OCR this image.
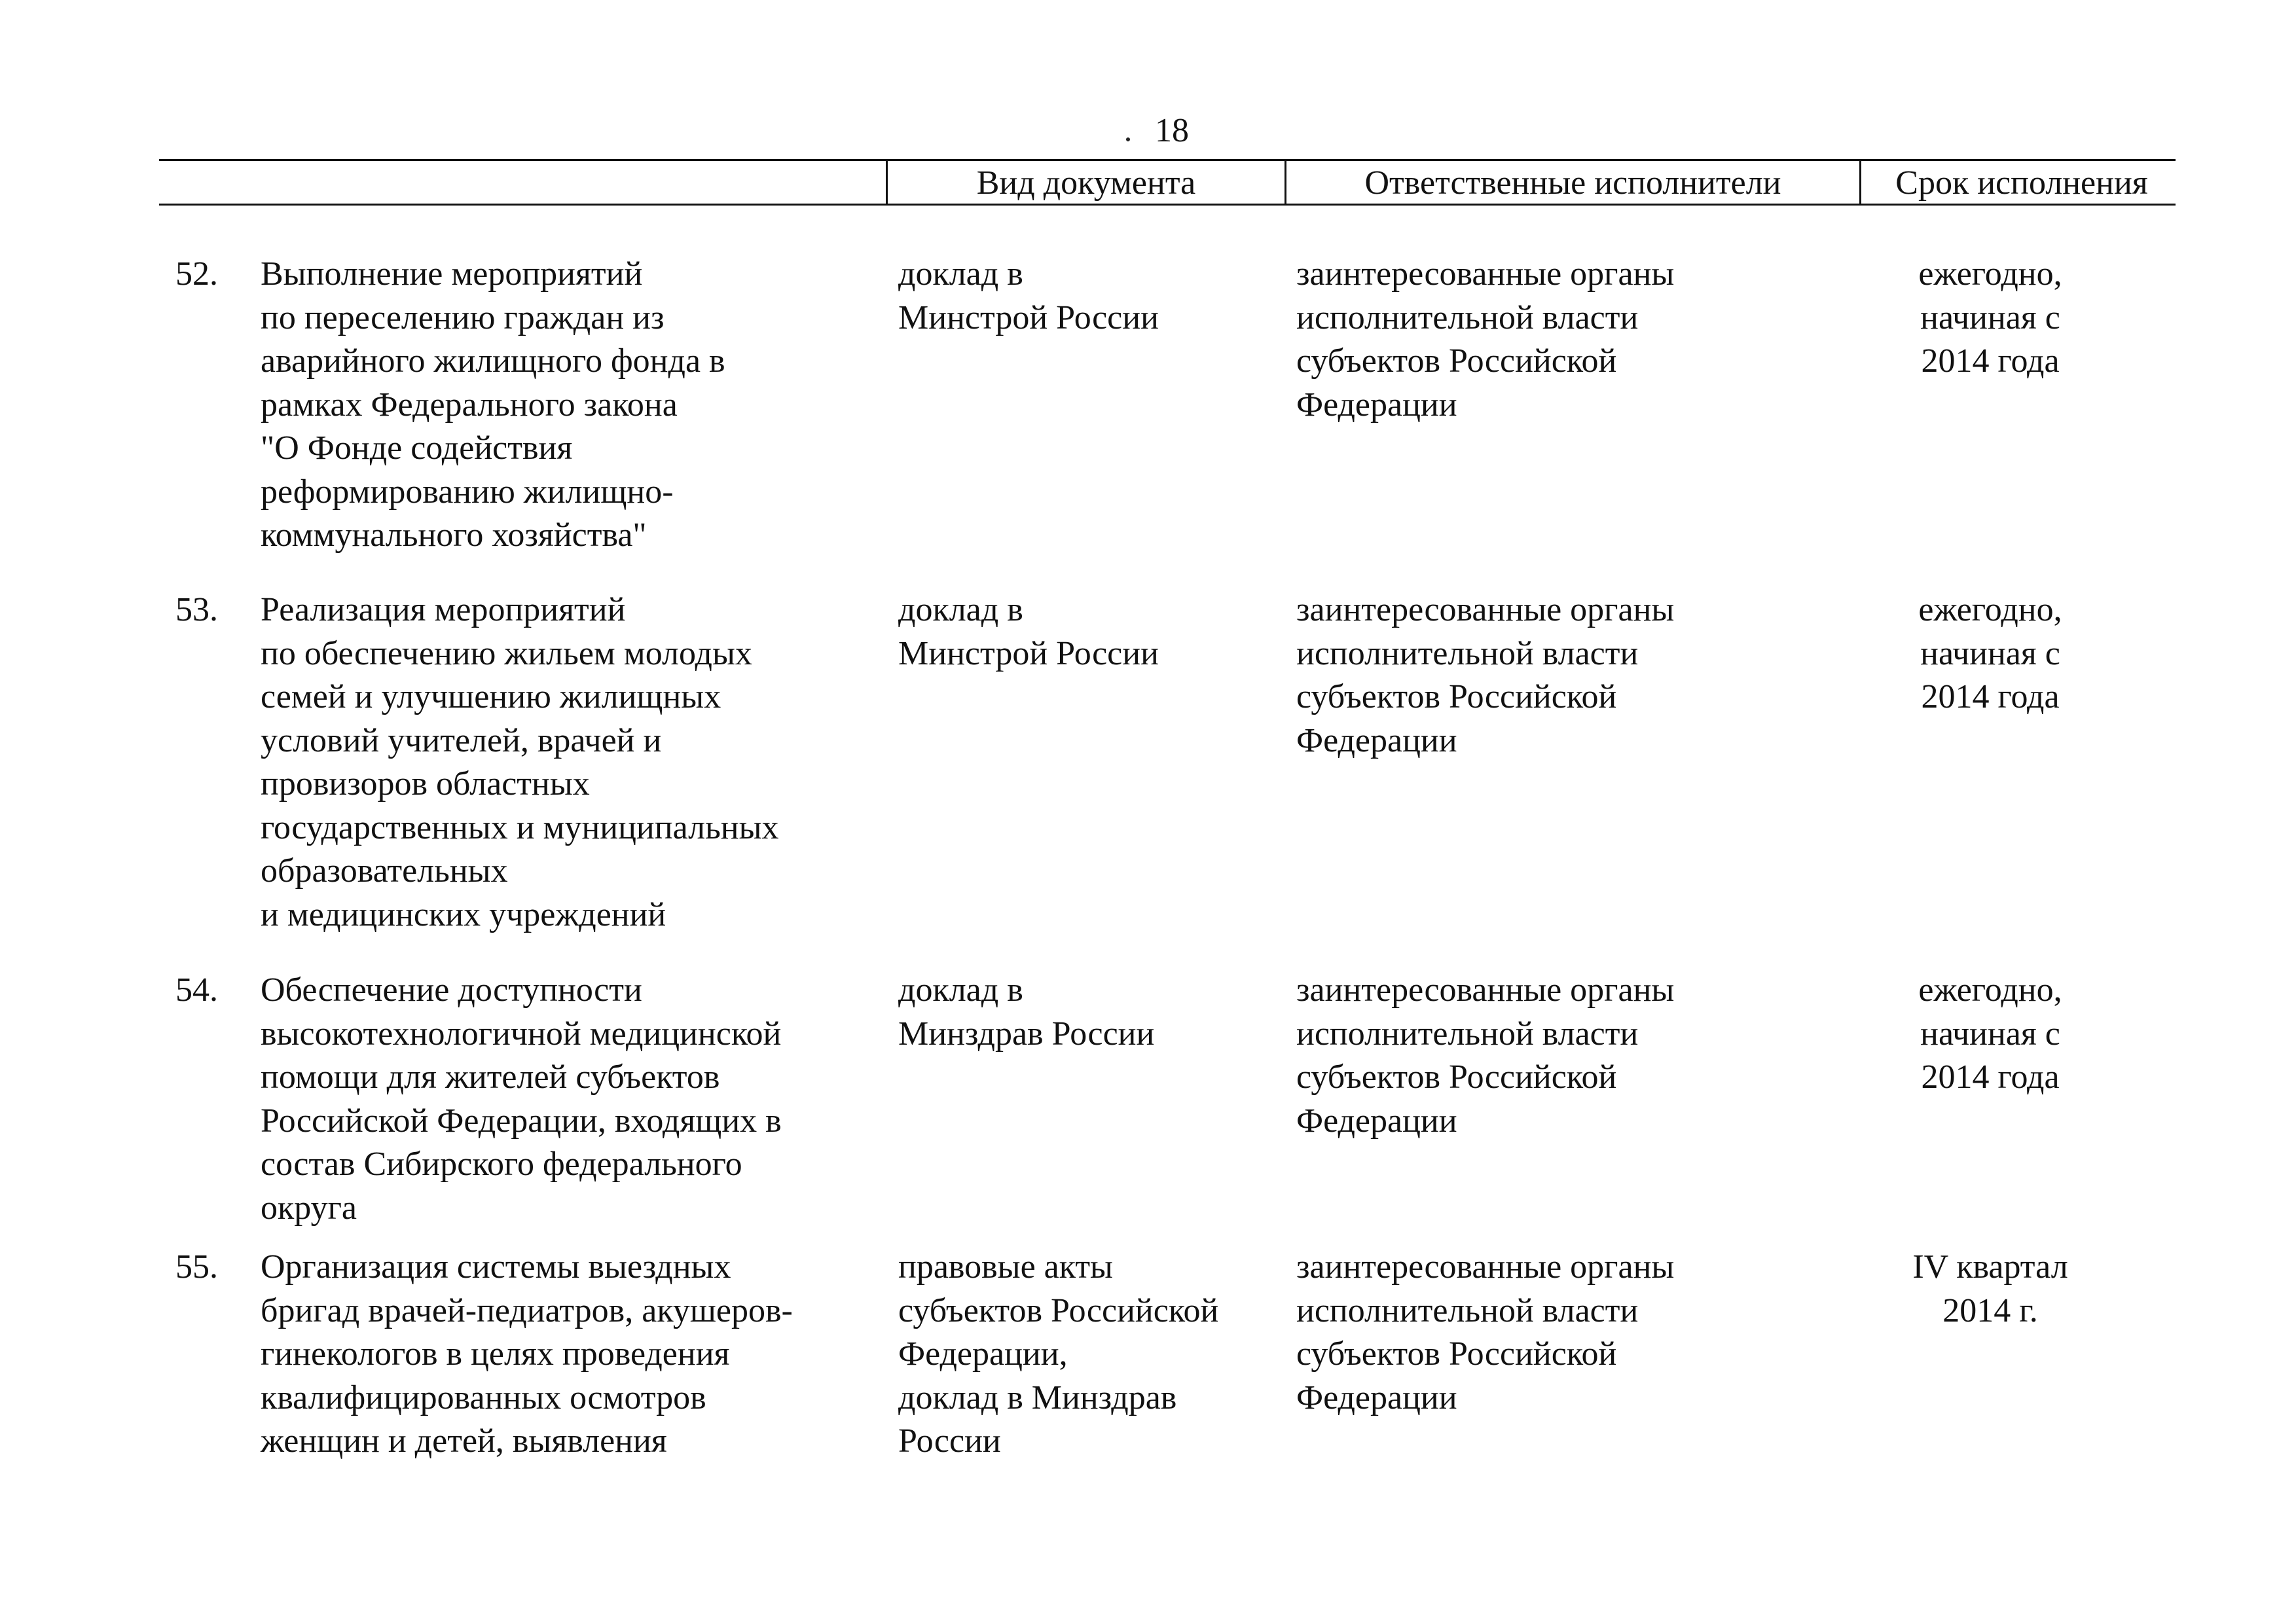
18
Вид документа	Ответственные исполнители	Срок исполнения
52. Выполнение мероприятий
по переселению граждан из
аварийного жилищного фонда в
рамках Федерального закона
"О Фонде содействия
реформированию жилищно-
коммунального хозяйства"
доклад в
Минстрой России
заинтересованные органы
исполнительной власти
субъектов Российской
Федерации
ежегодно,
начиная с
2014 года
53. Реализация мероприятий
по обеспечению жильем молодых
семей и улучшению жилищных
условий учителей, врачей и
провизоров областных
государственных и муниципальных
образовательных
и медицинских учреждений
доклад в
Минстрой России
заинтересованные органы
исполнительной власти
субъектов Российской
Федерации
ежегодно,
начиная с
2014 года
54. Обеспечение доступности
высокотехнологичной медицинской
помощи для жителей субъектов
Российской Федерации, входящих в
состав Сибирского федерального
округа
доклад в
Минздрав России
заинтересованные органы
исполнительной власти
субъектов Российской
Федерации
ежегодно,
начиная с
2014 года
55. Организация системы выездных
бригад врачей-педиатров, акушеров-
гинекологов в целях проведения
квалифицированных осмотров
женщин и детей, выявления
правовые акты
субъектов Российской
Федерации,
доклад в Минздрав
России
заинтересованные органы
исполнительной власти
субъектов Российской
Федерации
IV квартал
2014 г.
